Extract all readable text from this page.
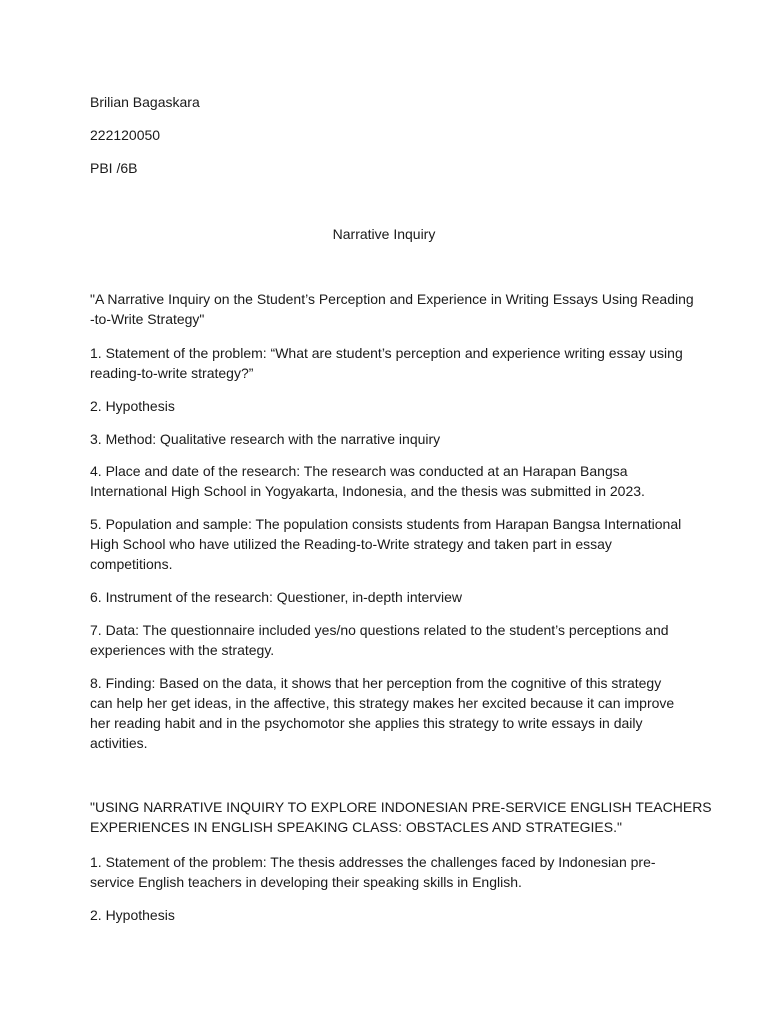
Brilian Bagaskara
222120050
PBI /6B
Narrative Inquiry
"A Narrative Inquiry on the Student’s Perception and Experience in Writing Essays Using Reading
-to-Write Strategy"
1. Statement of the problem: “What are student’s perception and experience writing essay using
reading-to-write strategy?”
2. Hypothesis
3. Method: Qualitative research with the narrative inquiry
4. Place and date of the research: The research was conducted at an Harapan Bangsa
International High School in Yogyakarta, Indonesia, and the thesis was submitted in 2023.
5. Population and sample: The population consists students from Harapan Bangsa International
High School who have utilized the Reading-to-Write strategy and taken part in essay
competitions.
6. Instrument of the research: Questioner, in-depth interview
7. Data: The questionnaire included yes/no questions related to the student’s perceptions and
experiences with the strategy.
8. Finding: Based on the data, it shows that her perception from the cognitive of this strategy
can help her get ideas, in the affective, this strategy makes her excited because it can improve
her reading habit and in the psychomotor she applies this strategy to write essays in daily
activities.
"USING NARRATIVE INQUIRY TO EXPLORE INDONESIAN PRE-SERVICE ENGLISH TEACHERS
EXPERIENCES IN ENGLISH SPEAKING CLASS: OBSTACLES AND STRATEGIES."
1. Statement of the problem: The thesis addresses the challenges faced by Indonesian pre-
service English teachers in developing their speaking skills in English.
2. Hypothesis
